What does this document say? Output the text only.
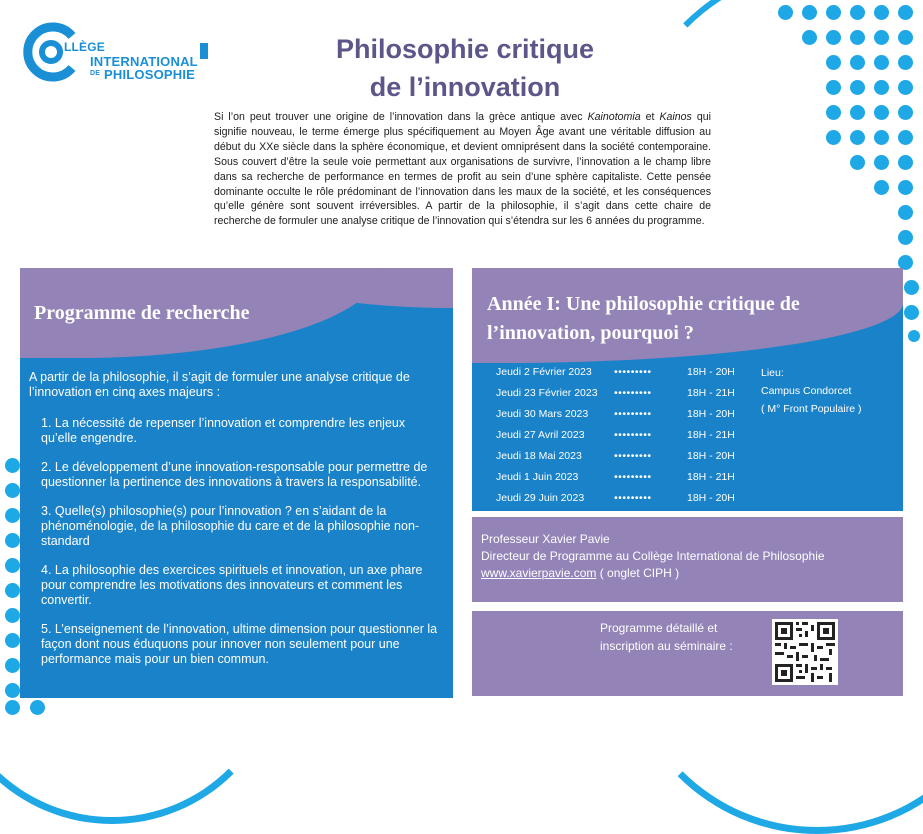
LLÈGE
INTERNATIONAL
DE PHILOSOPHIE
Philosophie critique
de l’innovation
Si l’on peut trouver une origine de l’innovation dans la grèce antique avec Kainotomia et Kainos qui signifie nouveau, le terme émerge plus spécifiquement au Moyen Âge avant une véritable diffusion au début du XXe siècle dans la sphère économique, et devient omniprésent dans la société contemporaine. Sous couvert d’être la seule voie permettant aux organisations de survivre, l’innovation a le champ libre dans sa recherche de performance en termes de profit au sein d’une sphère capitaliste. Cette pensée dominante occulte le rôle prédominant de l’innovation dans les maux de la société, et les conséquences qu’elle génère sont souvent irréversibles. A partir de la philosophie, il s’agit dans cette chaire de recherche de formuler une analyse critique de l’innovation qui s’étendra sur les 6 années du programme.
Programme de recherche
A partir de la philosophie, il s’agit de formuler une analyse critique de l’innovation en cinq axes majeurs :
1. La nécessité de repenser l’innovation et comprendre les enjeux qu’elle engendre.
2. Le développement d’une innovation-responsable pour permettre de questionner la pertinence des innovations à travers la responsabilité.
3. Quelle(s) philosophie(s) pour l’innovation ? en s’aidant de la phénoménologie, de la philosophie du care et de la philosophie non-standard
4. La philosophie des exercices spirituels et innovation, un axe phare pour comprendre les motivations des innovateurs et comment les convertir.
5. L’enseignement de l’innovation, ultime dimension pour questionner la façon dont nous éduquons pour innover non seulement pour une performance mais pour un bien commun.
Année I: Une philosophie critique de l’innovation, pourquoi ?
Jeudi 2 Février 2023 •••••••••	18H - 20H
Jeudi 23 Février 2023 •••••••••	18H - 21H
Jeudi 30 Mars 2023 •••••••••	18H - 20H
Jeudi 27 Avril 2023	•••••••••	18H - 21H
Jeudi 18 Mai 2023	•••••••••	18H - 20H
Jeudi 1 Juin 2023	•••••••••	18H - 21H
Jeudi 29 Juin 2023	•••••••••	18H - 20H
Lieu:
Campus Condorcet
( M° Front Populaire )
Professeur Xavier Pavie
Directeur de Programme au Collège International de Philosophie
www.xavierpavie.com ( onglet CIPH )
Programme détaillé et inscription au séminaire :
